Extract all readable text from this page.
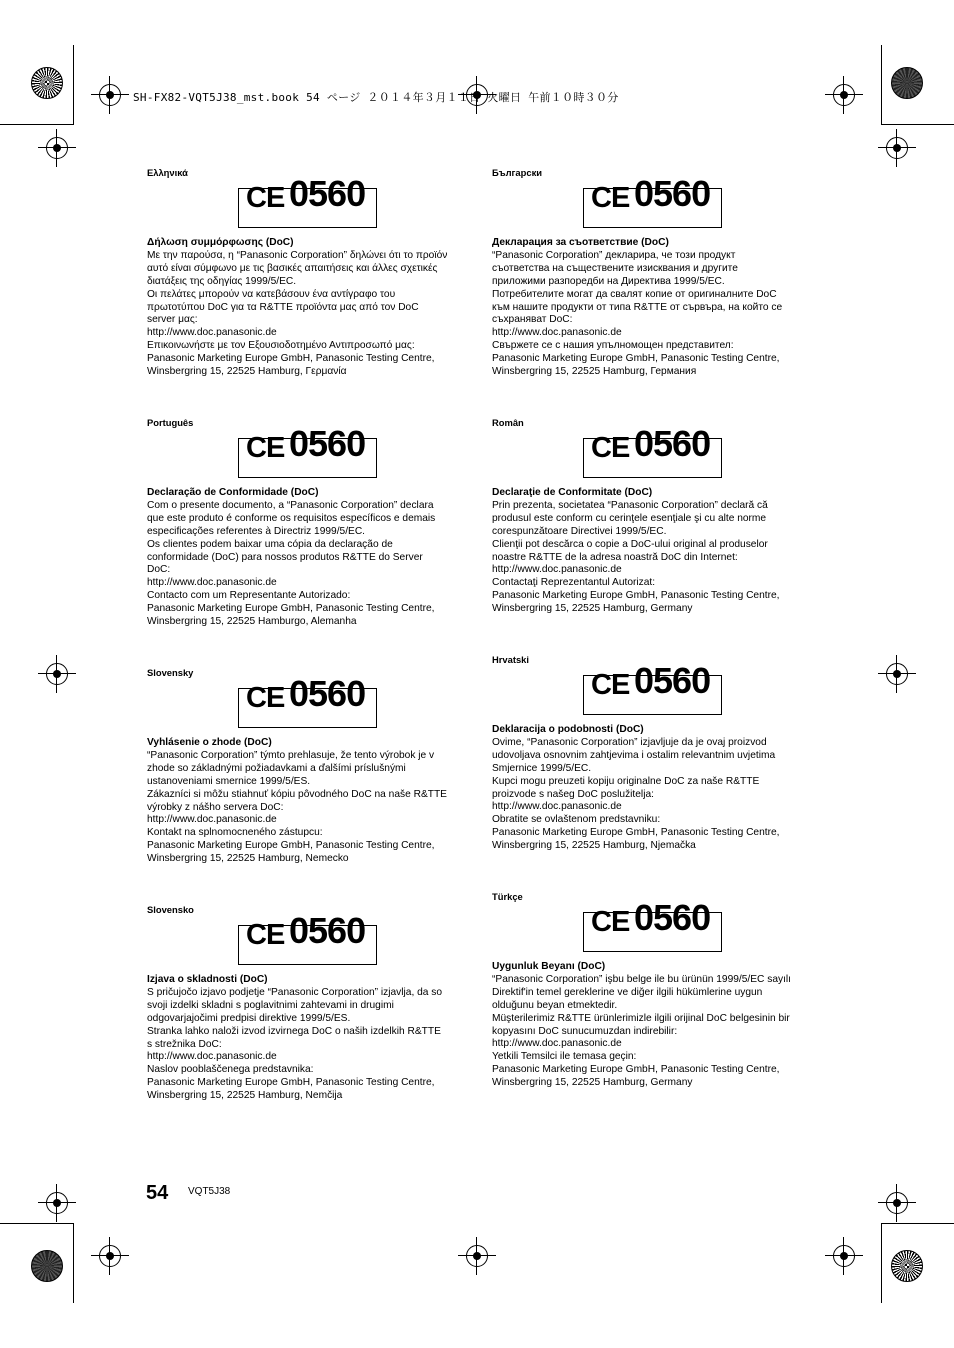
SH-FX82-VQT5J38_mst.book 54 ページ ２０１４年３月１１日 火曜日 午前１０時３０分
Ελληνικά
CE 0560
Δήλωση συμμόρφωσης (DoC)
Με την παρούσα, η “Panasonic Corporation” δηλώνει ότι το προϊόν
αυτό είναι σύμφωνο με τις βασικές απαιτήσεις και άλλες σχετικές
διατάξεις της οδηγίας 1999/5/EC.
Οι πελάτες μπορούν να κατεβάσουν ένα αντίγραφο του
πρωτοτύπου DoC για τα R&TTE προϊόντα μας από τον DoC
server μας:
http://www.doc.panasonic.de
Επικοινωνήστε με τον Εξουσιοδοτημένο Αντιπροσωπό μας:
Panasonic Marketing Europe GmbH, Panasonic Testing Centre,
Winsbergring 15, 22525 Hamburg, Γερμανία
Български
CE 0560
Декларация за съответствие (DoC)
“Panasonic Corporation” декларира, че този продукт
съответства на съществените изисквания и другите
приложими разпоредби на Директива 1999/5/EC.
Потребителите могат да свалят копие от оригиналните DoC
към нашите продукти от типа R&TTE от сървъра, на който се
съхраняват DoC:
http://www.doc.panasonic.de
Свържете се с нашия упълномощен представител:
Panasonic Marketing Europe GmbH, Panasonic Testing Centre,
Winsbergring 15, 22525 Hamburg, Германия
Português
CE 0560
Declaração de Conformidade (DoC)
Com o presente documento, a “Panasonic Corporation” declara
que este produto é conforme os requisitos específicos e demais
especificações referentes à Directriz 1999/5/EC.
Os clientes podem baixar uma cópia da declaração de
conformidade (DoC) para nossos produtos R&TTE do Server
DoC:
http://www.doc.panasonic.de
Contacto com um Representante Autorizado:
Panasonic Marketing Europe GmbH, Panasonic Testing Centre,
Winsbergring 15, 22525 Hamburgo, Alemanha
Român
CE 0560
Declaraţie de Conformitate (DoC)
Prin prezenta, societatea “Panasonic Corporation” declară că
produsul este conform cu cerinţele esenţiale şi cu alte norme
corespunzătoare Directivei 1999/5/EC.
Clienţii pot descărca o copie a DoC-ului original al produselor
noastre R&TTE de la adresa noastră DoC din Internet:
http://www.doc.panasonic.de
Contactaţi Reprezentantul Autorizat:
Panasonic Marketing Europe GmbH, Panasonic Testing Centre,
Winsbergring 15, 22525 Hamburg, Germany
Slovensky
CE 0560
Vyhlásenie o zhode (DoC)
“Panasonic Corporation” týmto prehlasuje, že tento výrobok je v
zhode so základnými požiadavkami a ďalšími príslušnými
ustanoveniami smernice 1999/5/ES.
Zákazníci si môžu stiahnuť kópiu pôvodného DoC na naše R&TTE
výrobky z nášho servera DoC:
http://www.doc.panasonic.de
Kontakt na splnomocneného zástupcu:
Panasonic Marketing Europe GmbH, Panasonic Testing Centre,
Winsbergring 15, 22525 Hamburg, Nemecko
Hrvatski
CE 0560
Deklaracija o podobnosti (DoC)
Ovime, “Panasonic Corporation” izjavljuje da je ovaj proizvod
udovoljava osnovnim zahtjevima i ostalim relevantnim uvjetima
Smjernice 1999/5/EC.
Kupci mogu preuzeti kopiju originalne DoC za naše R&TTE
proizvode s našeg DoC poslužitelja:
http://www.doc.panasonic.de
Obratite se ovlaštenom predstavniku:
Panasonic Marketing Europe GmbH, Panasonic Testing Centre,
Winsbergring 15, 22525 Hamburg, Njemačka
Slovensko
CE 0560
Izjava o skladnosti (DoC)
S pričujočo izjavo podjetje “Panasonic Corporation” izjavlja, da so
svoji izdelki skladni s poglavitnimi zahtevami in drugimi
odgovarjajočimi predpisi direktive 1999/5/ES.
Stranka lahko naloži izvod izvirnega DoC o naših izdelkih R&TTE
s strežnika DoC:
http://www.doc.panasonic.de
Naslov pooblaščenega predstavnika:
Panasonic Marketing Europe GmbH, Panasonic Testing Centre,
Winsbergring 15, 22525 Hamburg, Nemčija
Türkçe
CE 0560
Uygunluk Beyanı (DoC)
“Panasonic Corporation” işbu belge ile bu ürünün 1999/5/EC sayılı
Direktif'in temel gereklerine ve diğer ilgili hükümlerine uygun
olduğunu beyan etmektedir.
Müşterilerimiz R&TTE ürünlerimizle ilgili orijinal DoC belgesinin bir
kopyasını DoC sunucumuzdan indirebilir:
http://www.doc.panasonic.de
Yetkili Temsilci ile temasa geçin:
Panasonic Marketing Europe GmbH, Panasonic Testing Centre,
Winsbergring 15, 22525 Hamburg, Germany
54 VQT5J38
